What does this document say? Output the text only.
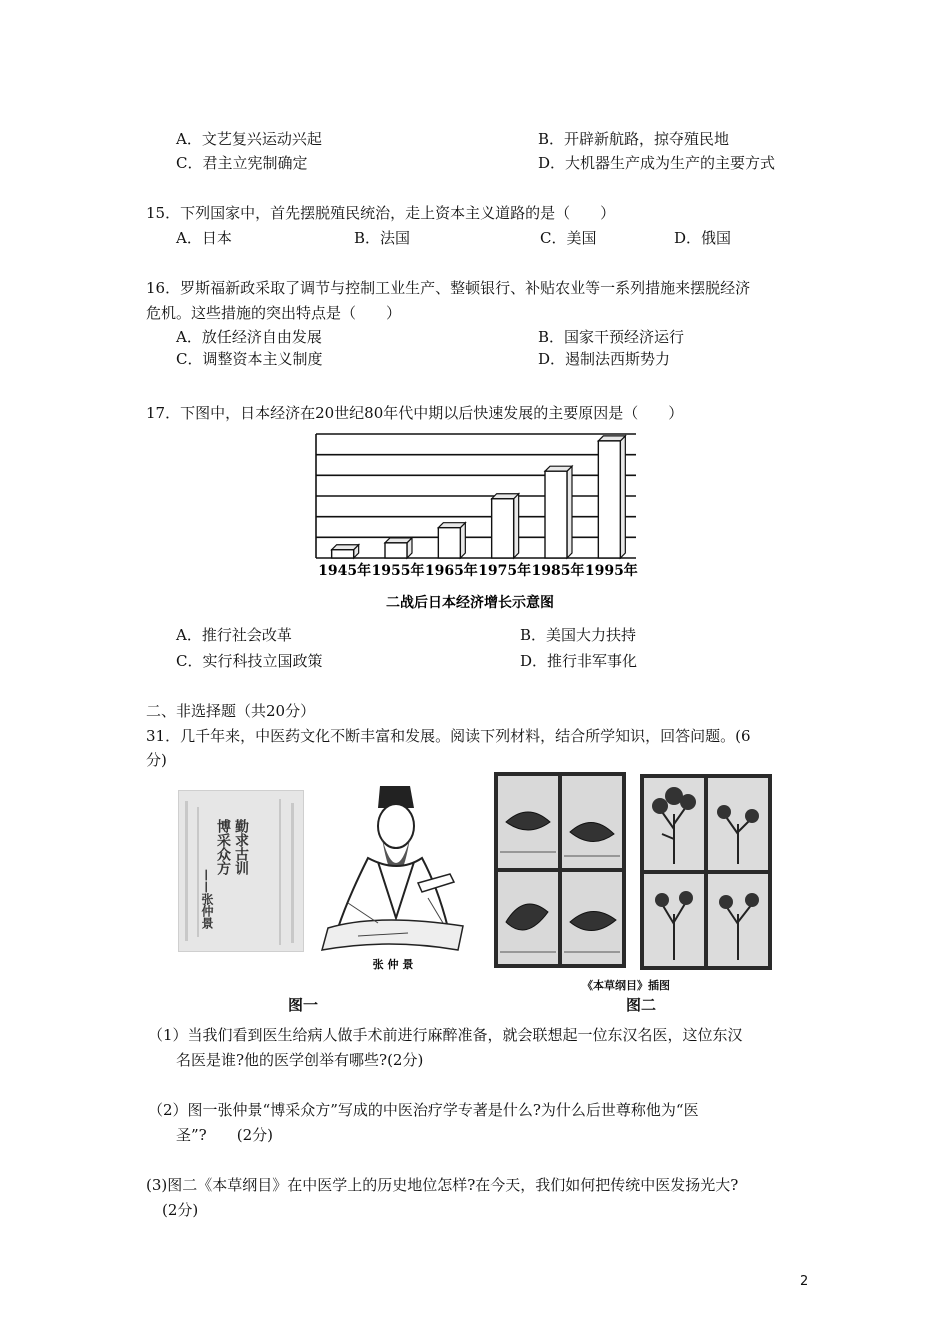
A．文艺复兴运动兴起	B．开辟新航路，掠夺殖民地
C．君主立宪制确定	D．大机器生产成为生产的主要方式
15．下列国家中，首先摆脱殖民统治，走上资本主义道路的是（　　）
A．日本	B．法国	C．美国	D．俄国
16．罗斯福新政采取了调节与控制工业生产、整顿银行、补贴农业等一系列措施来摆脱经济
危机。这些措施的突出特点是（　　）
A．放任经济自由发展	B．国家干预经济运行
C．调整资本主义制度	D．遏制法西斯势力
17．下图中，日本经济在20世纪80年代中期以后快速发展的主要原因是（　　）
1945年 1955年 1965年 1975年 1985年 1995年
二战后日本经济增长示意图
A．推行社会改革	B．美国大力扶持
C．实行科技立国政策	D．推行非军事化
二、非选择题（共20分）
31．几千年来，中医药文化不断丰富和发展。阅读下列材料，结合所学知识，回答问题。(6
分)
勤求古训
博采众方
——张仲景
张 仲 景
《本草纲目》插图
图一	图二
（1）当我们看到医生给病人做手术前进行麻醉准备，就会联想起一位东汉名医，这位东汉
名医是谁?他的医学创举有哪些?(2分)
（2）图一张仲景“博采众方”写成的中医治疗学专著是什么?为什么后世尊称他为“医
圣”?　　(2分)
(3)图二《本草纲目》在中医学上的历史地位怎样?在今天，我们如何把传统中医发扬光大?
(2分)
2
